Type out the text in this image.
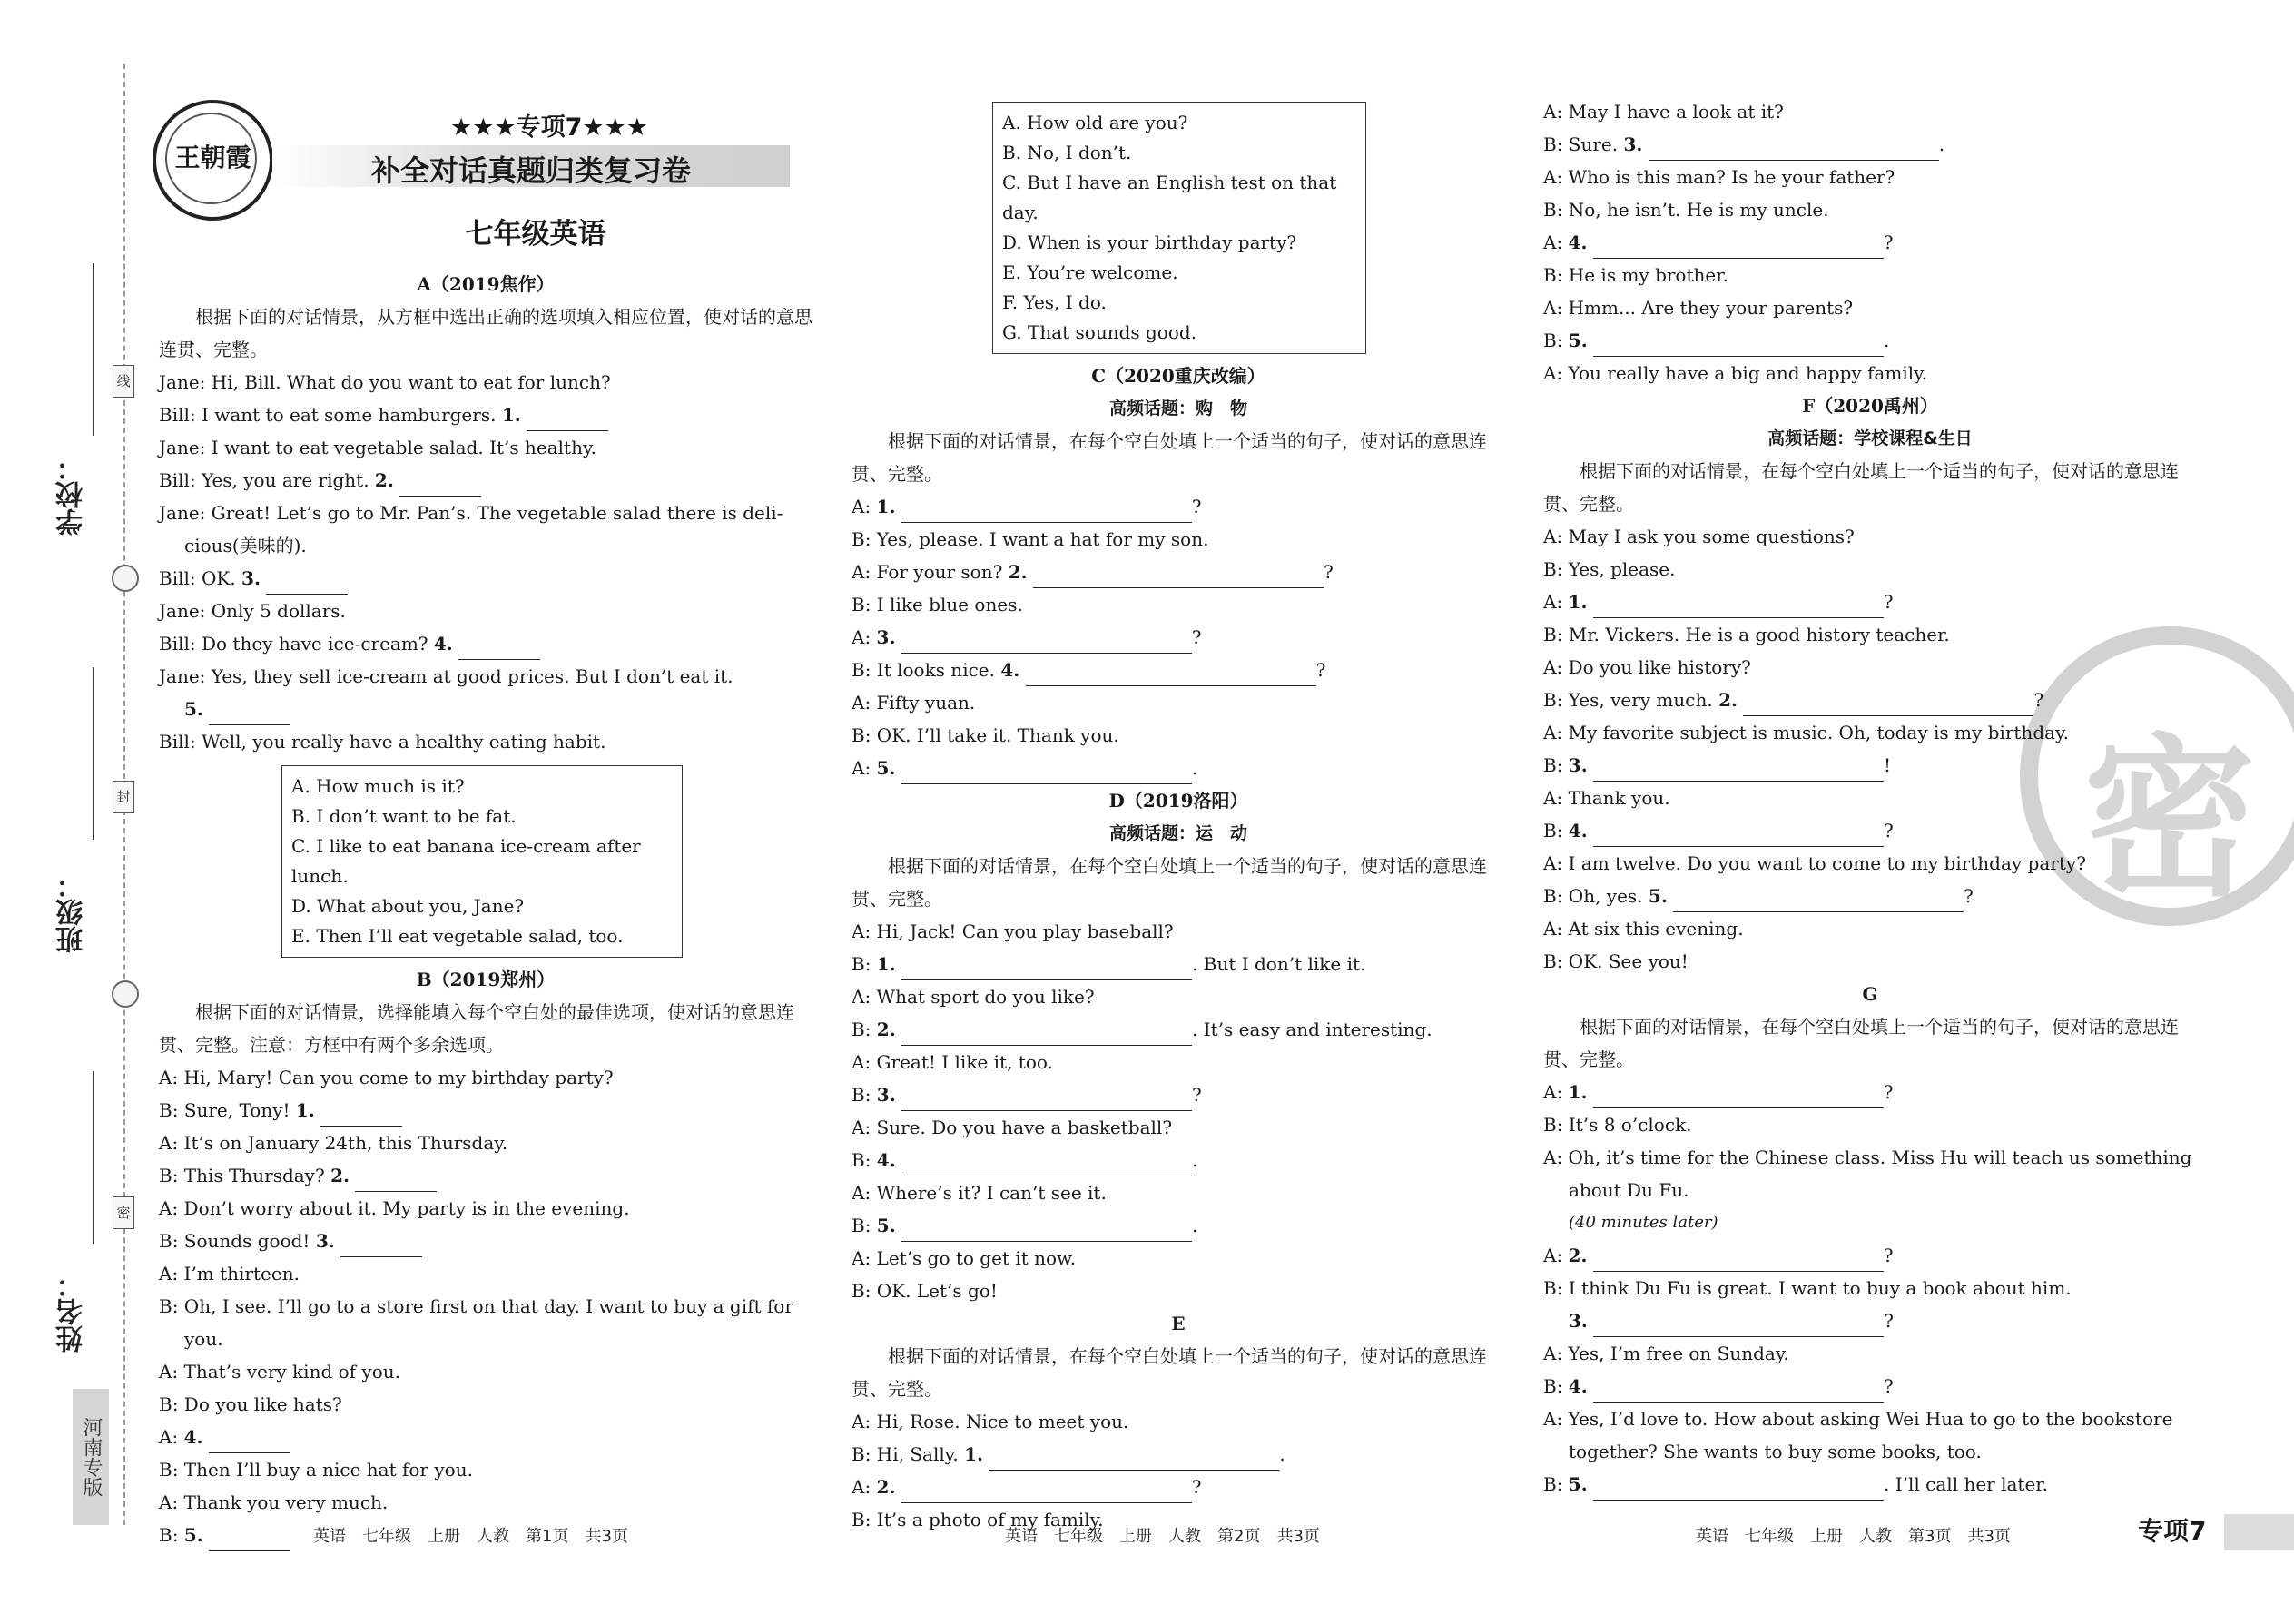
学校：
班级：
姓名：
线
封
密
河南专版
王朝霞
★★★专项7★★★
补全对话真题归类复习卷
七年级英语
密
A（2019焦作）
根据下面的对话情景，从方框中选出正确的选项填入相应位置，使对话的意思连贯、完整。
Jane: Hi, Bill. What do you want to eat for lunch?
Bill: I want to eat some hamburgers. 1.
Jane: I want to eat vegetable salad. It’s healthy.
Bill: Yes, you are right. 2.
Jane: Great! Let’s go to Mr. Pan’s. The vegetable salad there is deli-
cious(美味的).
Bill: OK. 3.
Jane: Only 5 dollars.
Bill: Do they have ice-cream? 4.
Jane: Yes, they sell ice-cream at good prices. But I don’t eat it.
5.
Bill: Well, you really have a healthy eating habit.
A. How much is it?
B. I don’t want to be fat.
C. I like to eat banana ice-cream after lunch.
D. What about you, Jane?
E. Then I’ll eat vegetable salad, too.
B（2019郑州）
根据下面的对话情景，选择能填入每个空白处的最佳选项，使对话的意思连贯、完整。注意：方框中有两个多余选项。
A: Hi, Mary! Can you come to my birthday party?
B: Sure, Tony! 1.
A: It’s on January 24th, this Thursday.
B: This Thursday? 2.
A: Don’t worry about it. My party is in the evening.
B: Sounds good! 3.
A: I’m thirteen.
B: Oh, I see. I’ll go to a store first on that day. I want to buy a gift for
you.
A: That’s very kind of you.
B: Do you like hats?
A: 4.
B: Then I’ll buy a nice hat for you.
A: Thank you very much.
B: 5.
A. How old are you?
B. No, I don’t.
C. But I have an English test on that day.
D. When is your birthday party?
E. You’re welcome.
F. Yes, I do.
G. That sounds good.
C（2020重庆改编）
高频话题：购　物
根据下面的对话情景，在每个空白处填上一个适当的句子，使对话的意思连贯、完整。
A: 1.	?
B: Yes, please. I want a hat for my son.
A: For your son? 2.	?
B: I like blue ones.
A: 3.	?
B: It looks nice. 4.	?
A: Fifty yuan.
B: OK. I’ll take it. Thank you.
A: 5.	.
D（2019洛阳）
高频话题：运　动
根据下面的对话情景，在每个空白处填上一个适当的句子，使对话的意思连贯、完整。
A: Hi, Jack! Can you play baseball?
B: 1.	. But I don’t like it.
A: What sport do you like?
B: 2.	. It’s easy and interesting.
A: Great! I like it, too.
B: 3.	?
A: Sure. Do you have a basketball?
B: 4.	.
A: Where’s it? I can’t see it.
B: 5.	.
A: Let’s go to get it now.
B: OK. Let’s go!
E
根据下面的对话情景，在每个空白处填上一个适当的句子，使对话的意思连贯、完整。
A: Hi, Rose. Nice to meet you.
B: Hi, Sally. 1.	.
A: 2.	?
B: It’s a photo of my family.
A: May I have a look at it?
B: Sure. 3.	.
A: Who is this man? Is he your father?
B: No, he isn’t. He is my uncle.
A: 4.	?
B: He is my brother.
A: Hmm... Are they your parents?
B: 5.	.
A: You really have a big and happy family.
F（2020禹州）
高频话题：学校课程&生日
根据下面的对话情景，在每个空白处填上一个适当的句子，使对话的意思连贯、完整。
A: May I ask you some questions?
B: Yes, please.
A: 1.	?
B: Mr. Vickers. He is a good history teacher.
A: Do you like history?
B: Yes, very much. 2.	?
A: My favorite subject is music. Oh, today is my birthday.
B: 3.	!
A: Thank you.
B: 4.	?
A: I am twelve. Do you want to come to my birthday party?
B: Oh, yes. 5.	?
A: At six this evening.
B: OK. See you!
G
根据下面的对话情景，在每个空白处填上一个适当的句子，使对话的意思连贯、完整。
A: 1.	?
B: It’s 8 o’clock.
A: Oh, it’s time for the Chinese class. Miss Hu will teach us something
about Du Fu.
(40 minutes later)
A: 2.	?
B: I think Du Fu is great. I want to buy a book about him.
3.	?
A: Yes, I’m free on Sunday.
B: 4.	?
A: Yes, I’d love to. How about asking Wei Hua to go to the bookstore
together? She wants to buy some books, too.
B: 5.	. I’ll call her later.
英语　七年级　上册　人教　第1页　共3页	英语　七年级　上册　人教　第2页　共3页	英语　七年级　上册　人教　第3页　共3页	专项7
